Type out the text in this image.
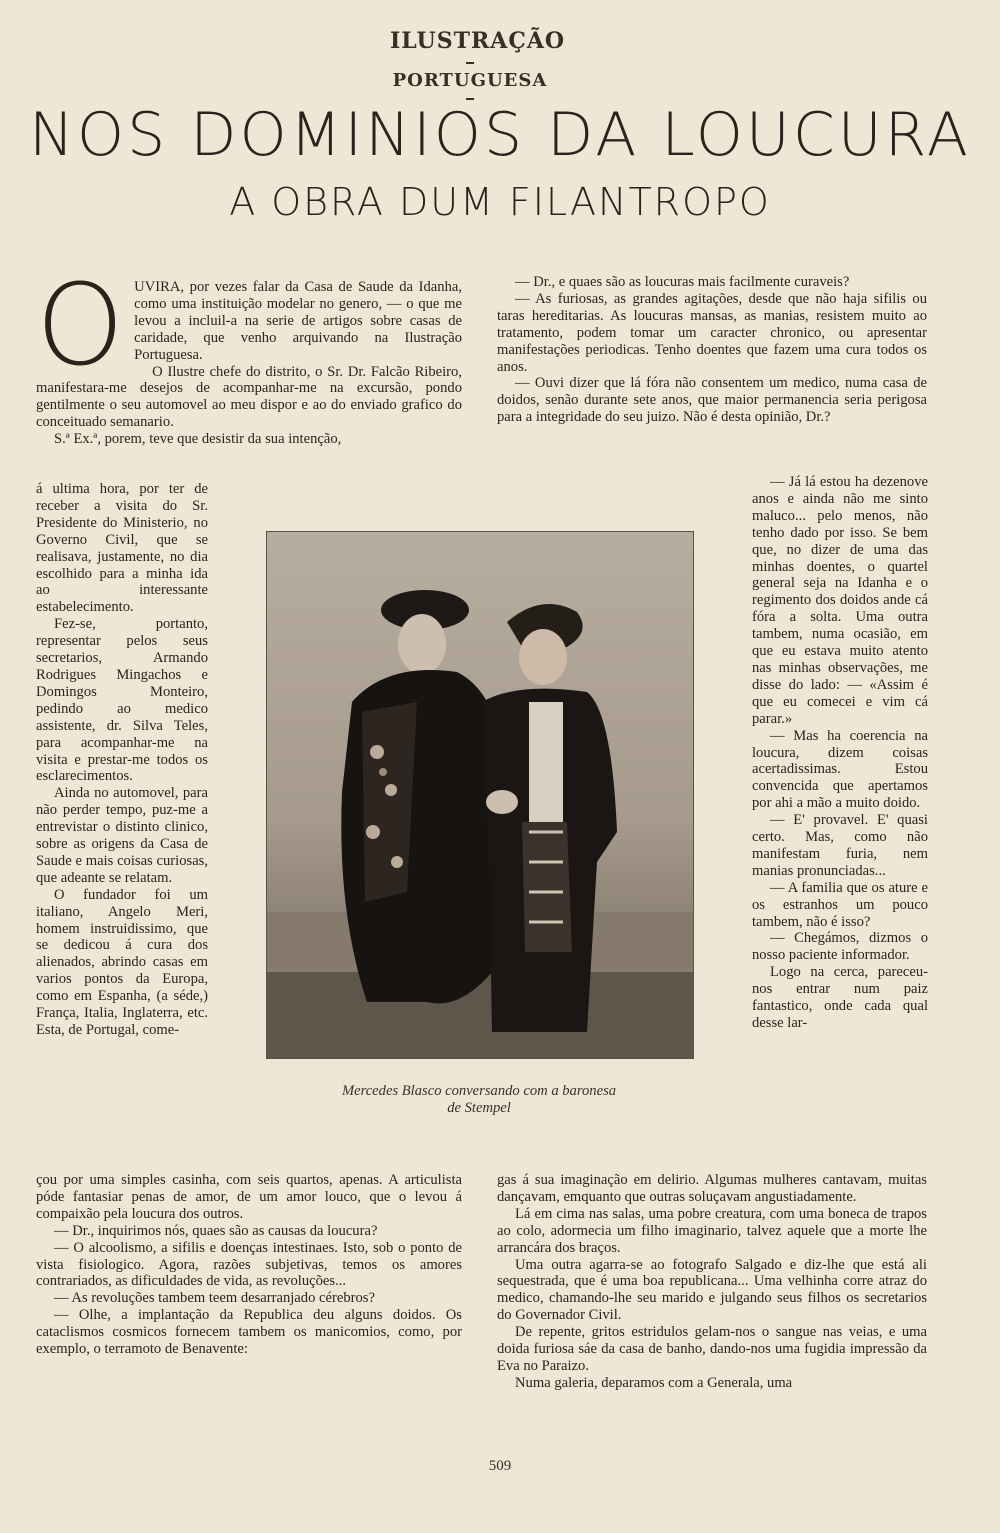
ILUSTRAÇÃO
PORTUGUESA
NOS DOMINIOS DA LOUCURA
A OBRA DUM FILANTROPO
O UVIRA, por vezes falar da Casa de Saude da Idanha, como uma instituição modelar no genero, — o que me levou a incluil-a na serie de artigos sobre casas de caridade, que venho arquivando na Ilustração Portuguesa.

O Ilustre chefe do distrito, o Sr. Dr. Falcão Ribeiro, manifestara-me desejos de acompanhar-me na excursão, pondo gentilmente o seu automovel ao meu dispor e ao do enviado grafico do conceituado semanario.

S.ª Ex.ª, porem, teve que desistir da sua intenção,

á ultima hora, por ter de receber a visita do Sr. Presidente do Ministerio, no Governo Civil, que se realisava, justamente, no dia escolhido para a minha ida ao interessante estabelecimento.

Fez-se, portanto, representar pelos seus secretarios, Armando Rodrigues Mingachos e Domingos Monteiro, pedindo ao medico assistente, dr. Silva Teles, para acompanhar-me na visita e prestar-me todos os esclarecimentos.

Ainda no automovel, para não perder tempo, puz-me a entrevistar o distinto clinico, sobre as origens da Casa de Saude e mais coisas curiosas, que adeante se relatam.

O fundador foi um italiano, Angelo Meri, homem instruidissimo, que se dedicou á cura dos alienados, abrindo casas em varios pontos da Europa, como em Espanha, (a séde,) França, Italia, Inglaterra, etc. Esta, de Portugal, come-

çou por uma simples casinha, com seis quartos, apenas. A articulista póde fantasiar penas de amor, de um amor louco, que o levou á compaixão pela loucura dos outros.

— Dr., inquirimos nós, quaes são as causas da loucura?

— O alcoolismo, a sifilis e doenças intestinaes. Isto, sob o ponto de vista fisiologico. Agora, razões subjetivas, temos os amores contrariados, as dificuldades de vida, as revoluções...

— As revoluções tambem teem desarranjado cérebros?

— Olhe, a implantação da Republica deu alguns doidos. Os cataclismos cosmicos fornecem tambem os manicomios, como, por exemplo, o terramoto de Benavente:

— Dr., e quaes são as loucuras mais facilmente curaveis?

— As furiosas, as grandes agitações, desde que não haja sifilis ou taras hereditarias. As loucuras mansas, as manias, resistem muito ao tratamento, podem tomar um caracter chronico, ou apresentar manifestações periodicas. Tenho doentes que fazem uma cura todos os anos.

— Ouvi dizer que lá fóra não consentem um medico, numa casa de doidos, senão durante sete anos, que maior permanencia seria perigosa para a integridade do seu juizo. Não é desta opinião, Dr.?

— Já lá estou ha dezenove anos e ainda não me sinto maluco... pelo menos, não tenho dado por isso. Se bem que, no dizer de uma das minhas doentes, o quartel general seja na Idanha e o regimento dos doidos ande cá fóra a solta. Uma outra tambem, numa ocasião, em que eu estava muito atento nas minhas observações, me disse do lado: — «Assim é que eu comecei e vim cá parar.»

— Mas ha coerencia na loucura, dizem coisas acertadissimas. Estou convencida que apertamos por ahi a mão a muito doido.

— E' provavel. E' quasi certo. Mas, como não manifestam furia, nem manias pronunciadas...

— A familia que os ature e os estranhos um pouco tambem, não é isso?

— Chegámos, dizmos o nosso paciente informador.

Logo na cerca, pareceu-nos entrar num paiz fantastico, onde cada qual desse lar-

gas á sua imaginação em delirio. Algumas mulheres cantavam, muitas dançavam, emquanto que outras soluçavam angustiadamente.

Lá em cima nas salas, uma pobre creatura, com uma boneca de trapos ao colo, adormecia um filho imaginario, talvez aquele que a morte lhe arrancára dos braços.

Uma outra agarra-se ao fotografo Salgado e diz-lhe que está ali sequestrada, que é uma boa republicana... Uma velhinha corre atraz do medico, chamando-lhe seu marido e julgando seus filhos os secretarios do Governador Civil.

De repente, gritos estridulos gelam-nos o sangue nas veias, e uma doida furiosa sáe da casa de banho, dando-nos uma fugidia impressão da Eva no Paraizo.

Numa galeria, deparamos com a Generala, uma

Mercedes Blasco conversando com a baronesa
de Stempel
509
